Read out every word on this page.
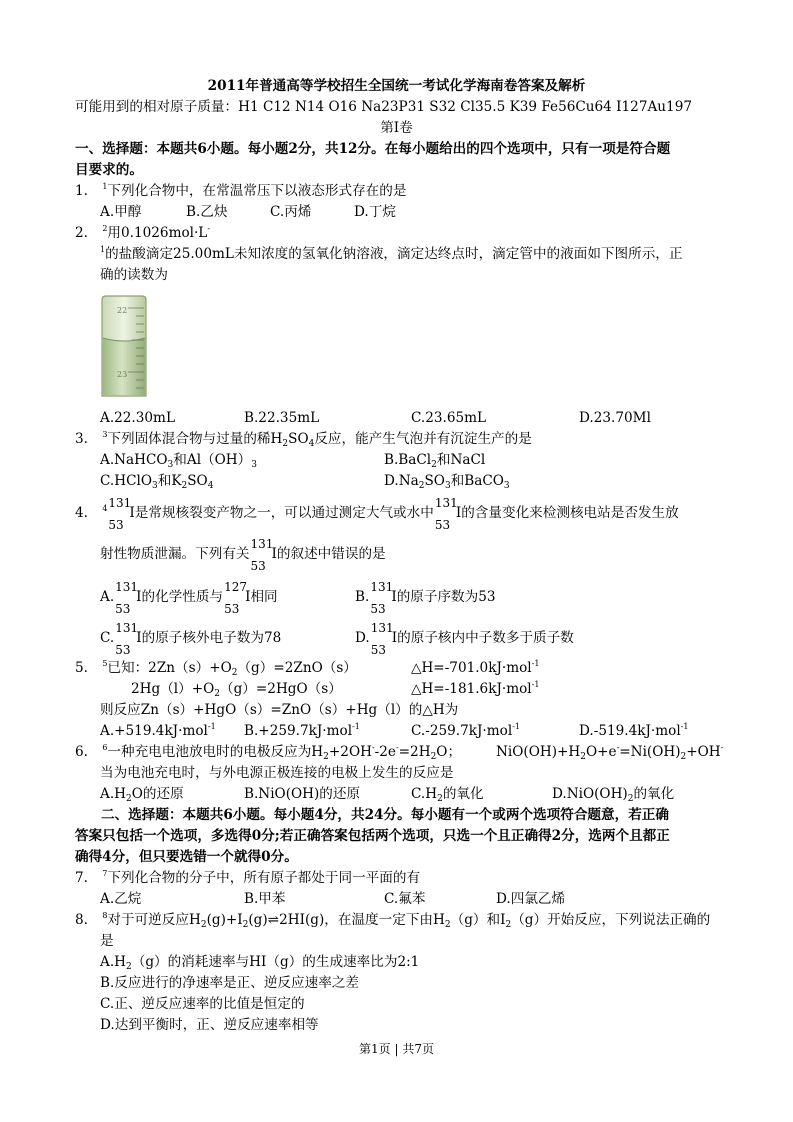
2011年普通高等学校招生全国统一考试化学海南卷答案及解析
可能用到的相对原子质量：H1 C12 N14 O16 Na23P31 S32 Cl35.5 K39 Fe56Cu64 I127Au197
第I卷
一、选择题：本题共6小题。每小题2分，共12分。在每小题给出的四个选项中，只有一项是符合题
目要求的。
1. $^1$下列化合物中，在常温常压下以液态形式存在的是
A.甲醇	B.乙炔	C.丙烯	D.丁烷
2. $^2$用0.1026mol·L-
$^1$的盐酸滴定25.00mL未知浓度的氢氧化钠溶液，滴定达终点时，滴定管中的液面如下图所示，正
确的读数为
22
23
A.22.30mL	B.22.35mL	C.23.65mL	D.23.70Ml
3. $^3$下列固体混合物与过量的稀$H_2SO_4$反应，能产生气泡并有沉淀生产的是
A.NaHCO$_3$和$Al(OH)_3$	B.BaCl$_2$和NaCl
C.HClO$_3$和$K_2SO_4$	$D.Na_2SO_3$和BaCO$_3$
4. $^4$ 131
53
I是常规核裂变产物之一，可以通过测定大气或水中
131
53
I的含量变化来检测核电站是否发生放
射性物质泄漏。下列有关
131
53
I的叙述中错误的是
A.
131
53
I的化学性质与
127
53
I相同	B.
131
53
I的原子序数为53
C.
131
53
I的原子核外电子数为78	D.
131
53
I的原子核内中子数多于质子数
5. $^5$已知：$2Zn(s)+O_2(g)=2ZnO(s)$	△H=-701.0kJ·mol$^{-1}$
$2Hg(l)+O_2(g)=2HgO(s)$	△H=-181.6kJ·mol$^{-1}$
则反应Zn（s）+HgO（s）=ZnO（s）+Hg（l）的△H为
A.+519.4kJ·mol$^{-1}$ B.+259.7kJ·mol$^{-1}$	C.-259.7kJ·mol$^{-1}$	D.-519.4kJ·mol$^{-1}$
6. $^6$一种充电电池放电时的电极反应为$H_2+2OH^--2e^-=2H_2O$；	$NiO(OH)+H_2O+e^-=Ni(OH)_2+OH^-$
当为电池充电时，与外电源正极连接的电极上发生的反应是
$A.H_2O$的还原	B.NiO(OH)的还原	$C.H_2$的氧化	$D.NiO(OH)_2$的氧化
二、选择题：本题共6小题。每小题4分，共24分。每小题有一个或两个选项符合题意，若正确
答案只包括一个选项，多选得0分;若正确答案包括两个选项，只选一个且正确得2分，选两个且都正
确得4分，但只要选错一个就得0分。
7. $^7$下列化合物的分子中，所有原子都处于同一平面的有
A.乙烷	B.甲苯	C.氟苯	D.四氯乙烯
8. $^8$对于可逆反应$H_2(g)+I_2(g)\rightleftharpoons 2HI(g)$，在温度一定下由$H_2(g)$和$I_2(g)$开始反应，下列说法正确的
是
$A.H_2(g)$的消耗速率与HI（g）的生成速率比为2:1
B.反应进行的净速率是正、逆反应速率之差
C.正、逆反应速率的比值是恒定的
D.达到平衡时，正、逆反应速率相等
第1页 | 共7页
